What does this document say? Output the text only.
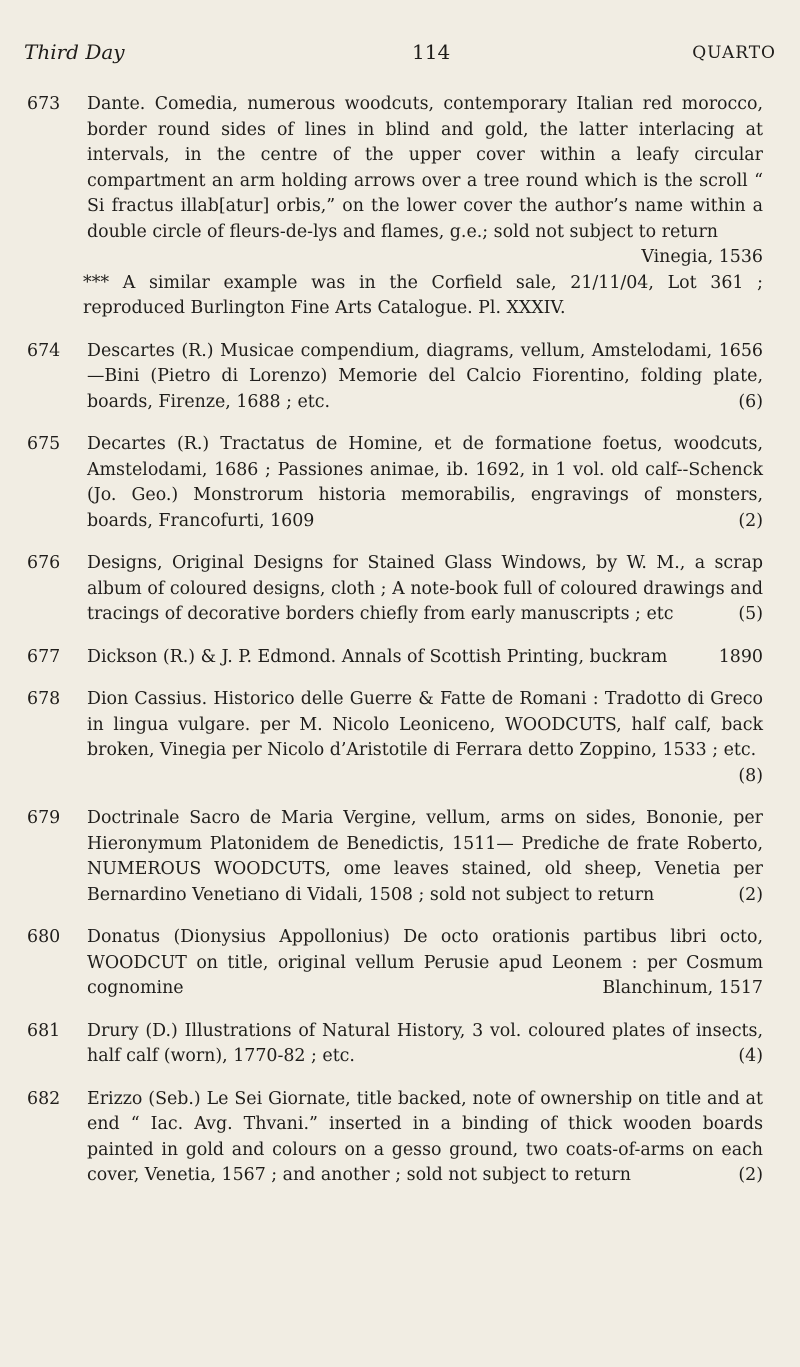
Third Day	114	QUARTO
673	Dante. Comedia, numerous woodcuts, contemporary Italian red morocco, border round sides of lines in blind and gold, the latter interlacing at intervals, in the centre of the upper cover within a leafy circular compartment an arm holding arrows over a tree round which is the scroll “ Si fractus illab[atur] orbis,” on the lower cover the author’s name within a double circle of fleurs-de-lys and flames, g.e.; sold not subject to return
Vinegia, 1536
*** A similar example was in the Corfield sale, 21/11/04, Lot 361 ; reproduced Burlington Fine Arts Catalogue. Pl. XXXIV.
674	Descartes (R.) Musicae compendium, diagrams, vellum, Amstelodami, 1656—Bini (Pietro di Lorenzo) Memorie del Calcio Fiorentino, folding plate, boards, Firenze, 1688 ; etc.	(6)
675	Decartes (R.) Tractatus de Homine, et de formatione foetus, woodcuts, Amstelodami, 1686 ; Passiones animae, ib. 1692, in 1 vol. old calf--Schenck (Jo. Geo.) Monstrorum historia memorabilis, engravings of monsters, boards, Francofurti, 1609	(2)
676	Designs, Original Designs for Stained Glass Windows, by W. M., a scrap album of coloured designs, cloth ; A note-book full of coloured drawings and tracings of decorative borders chiefly from early manuscripts ; etc	(5)
677	Dickson (R.) & J. P. Edmond. Annals of Scottish Printing, buckram	1890
678	Dion Cassius. Historico delle Guerre & Fatte de Romani : Tradotto di Greco in lingua vulgare. per M. Nicolo Leoniceno, WOODCUTS, half calf, back broken, Vinegia per Nicolo d’Aristotile di Ferrara detto Zoppino, 1533 ; etc.
(8)
679	Doctrinale Sacro de Maria Vergine, vellum, arms on sides, Bononie, per Hieronymum Platonidem de Benedictis, 1511— Prediche de frate Roberto, NUMEROUS WOODCUTS, ome leaves stained, old sheep, Venetia per Bernardino Venetiano di Vidali, 1508 ; sold not subject to return	(2)
680	Donatus (Dionysius Appollonius) De octo orationis partibus libri octo, WOODCUT on title, original vellum Perusie apud Leonem : per Cosmum cognomine	Blanchinum, 1517
681	Drury (D.) Illustrations of Natural History, 3 vol. coloured plates of insects, half calf (worn), 1770-82 ; etc.	(4)
682	Erizzo (Seb.) Le Sei Giornate, title backed, note of ownership on title and at end “ Iac. Avg. Thvani.” inserted in a binding of thick wooden boards painted in gold and colours on a gesso ground, two coats-of-arms on each cover, Venetia, 1567 ; and another ; sold not subject to return	(2)
